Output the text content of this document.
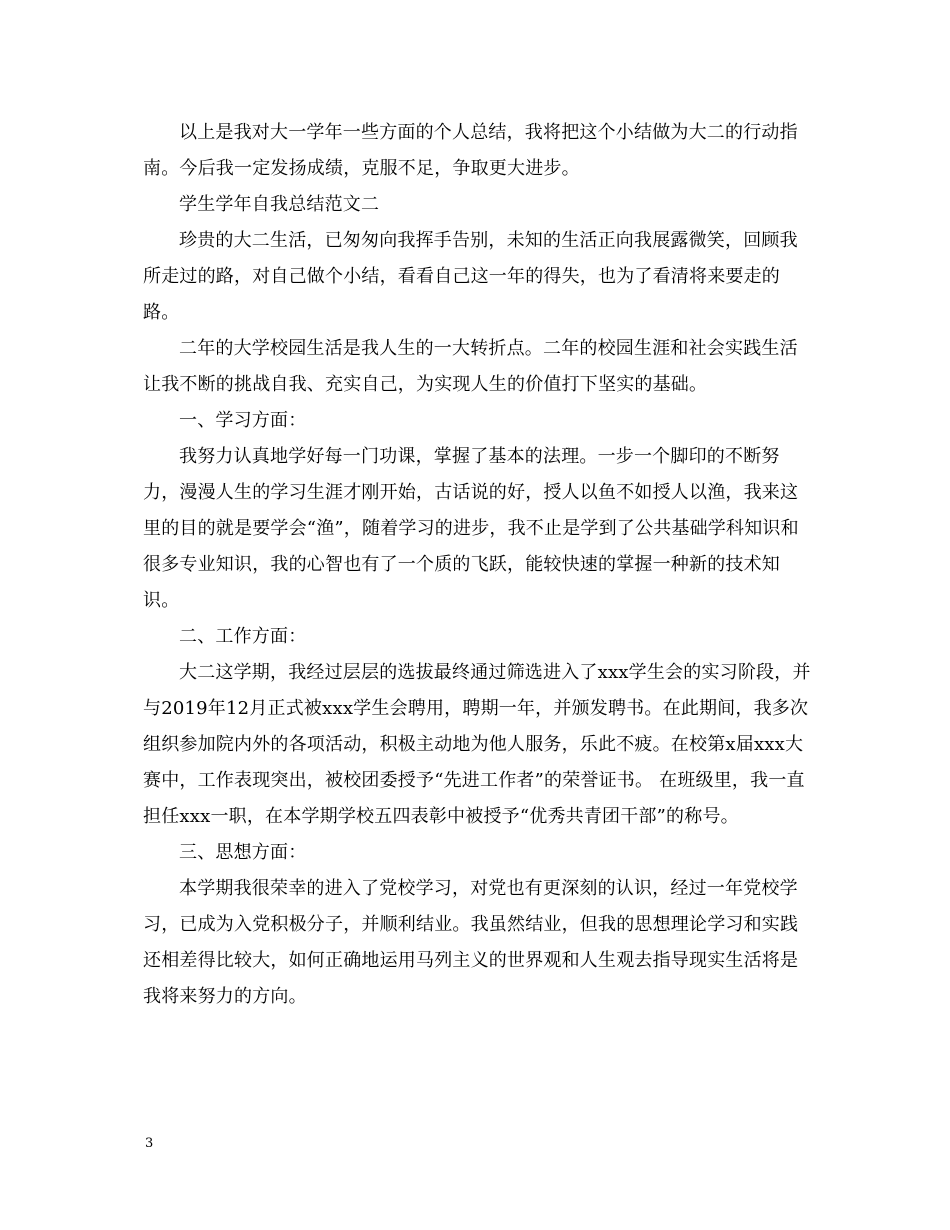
以上是我对大一学年一些方面的个人总结，我将把这个小结做为大二的行动指南。今后我一定发扬成绩，克服不足，争取更大进步。

学生学年自我总结范文二

珍贵的大二生活，已匆匆向我挥手告别，未知的生活正向我展露微笑，回顾我所走过的路，对自己做个小结，看看自己这一年的得失，也为了看清将来要走的路。

二年的大学校园生活是我人生的一大转折点。二年的校园生涯和社会实践生活让我不断的挑战自我、充实自己，为实现人生的价值打下坚实的基础。

一、学习方面：

我努力认真地学好每一门功课，掌握了基本的法理。一步一个脚印的不断努力，漫漫人生的学习生涯才刚开始，古话说的好，授人以鱼不如授人以渔，我来这里的目的就是要学会“渔”，随着学习的进步，我不止是学到了公共基础学科知识和很多专业知识，我的心智也有了一个质的飞跃，能较快速的掌握一种新的技术知识。

二、工作方面：

大二这学期，我经过层层的选拔最终通过筛选进入了xxx学生会的实习阶段，并与2019年12月正式被xxx学生会聘用，聘期一年，并颁发聘书。在此期间，我多次组织参加院内外的各项活动，积极主动地为他人服务，乐此不疲。在校第x届xxx大赛中，工作表现突出，被校团委授予“先进工作者”的荣誉证书。 在班级里，我一直担任xxx一职，在本学期学校五四表彰中被授予“优秀共青团干部”的称号。

三、思想方面：

本学期我很荣幸的进入了党校学习，对党也有更深刻的认识，经过一年党校学习，已成为入党积极分子，并顺利结业。我虽然结业，但我的思想理论学习和实践还相差得比较大，如何正确地运用马列主义的世界观和人生观去指导现实生活将是我将来努力的方向。

3
